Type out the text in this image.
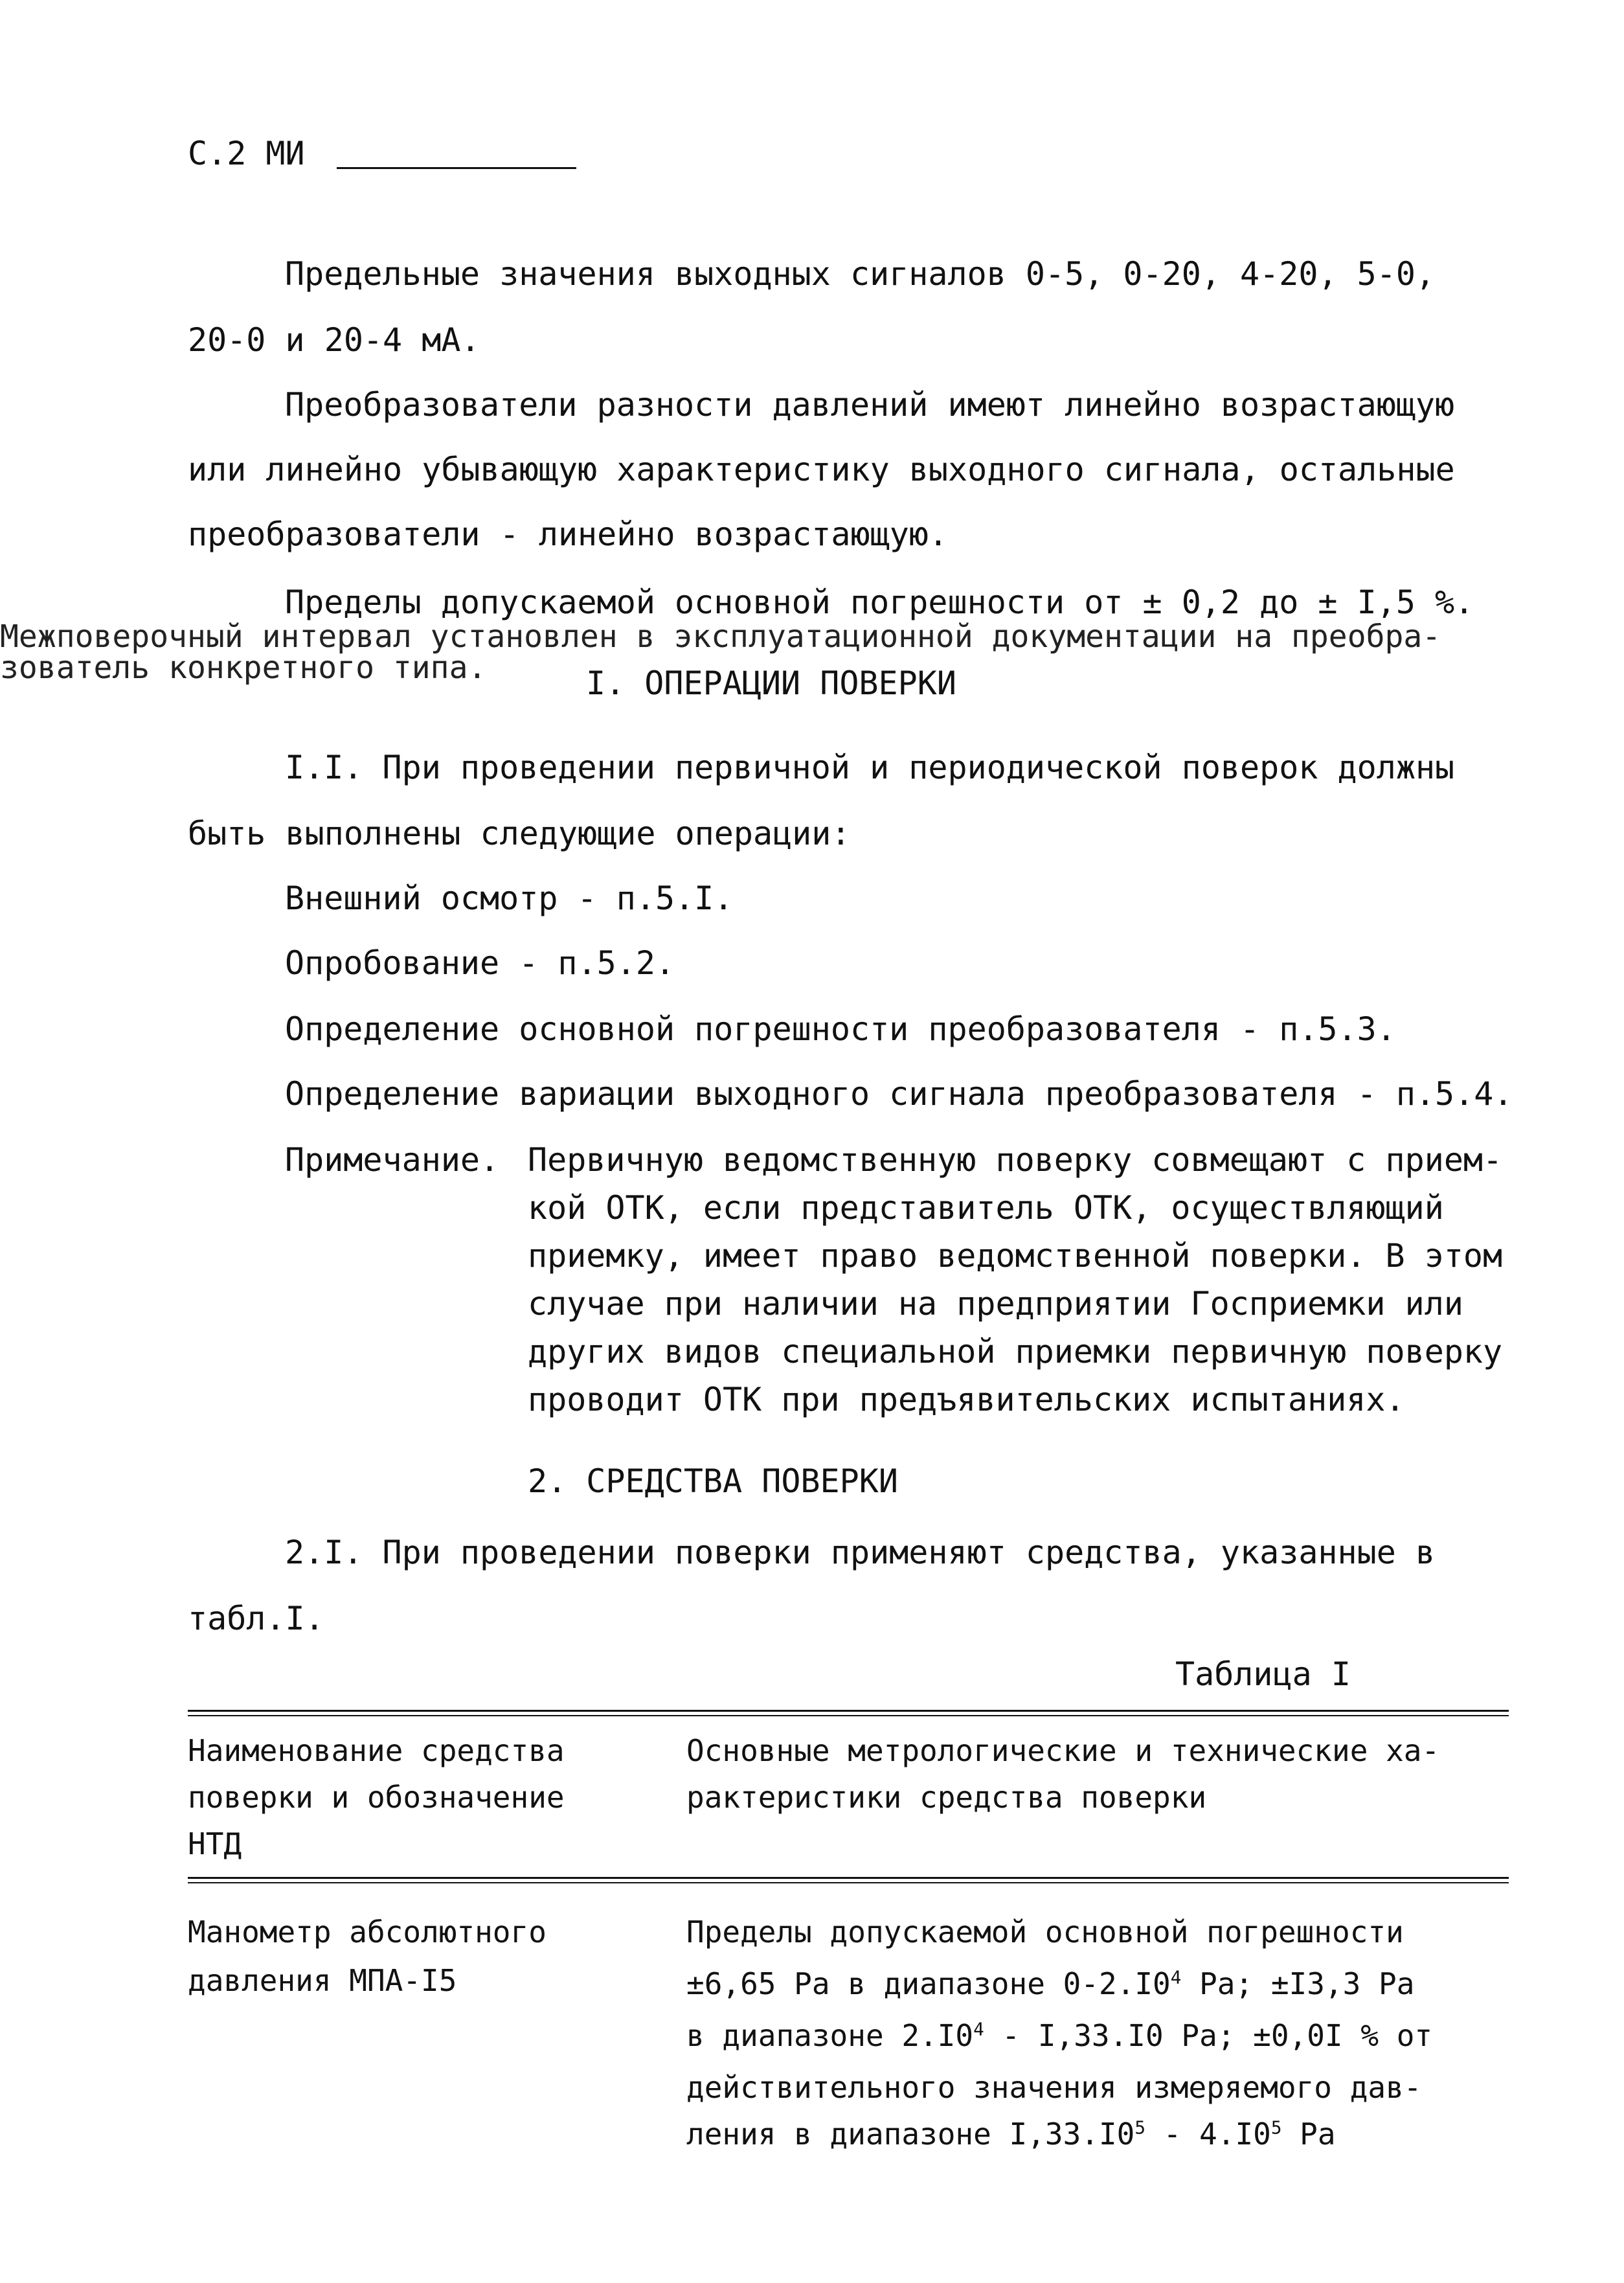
С.2 МИ
Предельные значения выходных сигналов 0-5, 0-20, 4-20, 5-0,
20-0 и 20-4 мА.
Преобразователи разности давлений имеют линейно возрастающую
или линейно убывающую характеристику выходного сигнала, остальные
преобразователи - линейно возрастающую.
Пределы допускаемой основной погрешности от ± 0,2 до ± I,5 %.
Межповерочный интервал установлен в эксплуатационной документации на преобра-
зователь конкретного типа.	I. ОПЕРАЦИИ ПОВЕРКИ
I.I. При проведении первичной и периодической поверок должны
быть выполнены следующие операции:
Внешний осмотр - п.5.I.
Опробование - п.5.2.
Определение основной погрешности преобразователя - п.5.3.
Определение вариации выходного сигнала преобразователя - п.5.4.
Примечание. Первичную ведомственную поверку совмещают с прием-
кой ОТК, если представитель ОТК, осуществляющий
приемку, имеет право ведомственной поверки. В этом
случае при наличии на предприятии Госприемки или
других видов специальной приемки первичную поверку
проводит ОТК при предъявительских испытаниях.
2. СРЕДСТВА ПОВЕРКИ
2.I. При проведении поверки применяют средства, указанные в
табл.I.
Таблица I
Наименование средства
поверки и обозначение
НТД
Основные метрологические и технические ха-
рактеристики средства поверки
Манометр абсолютного
давления МПА-I5
Пределы допускаемой основной погрешности
±6,65 Ра в диапазоне $0-2.I0^4$ Ра; ±I3,3 Ра
в диапазоне $2.I0^4 - I,33.I0$ Ра; ±0,0I % от
действительного значения измеряемого дав-
ления в диапазоне $I,33.I0^5 - 4.I0^5$ Ра
